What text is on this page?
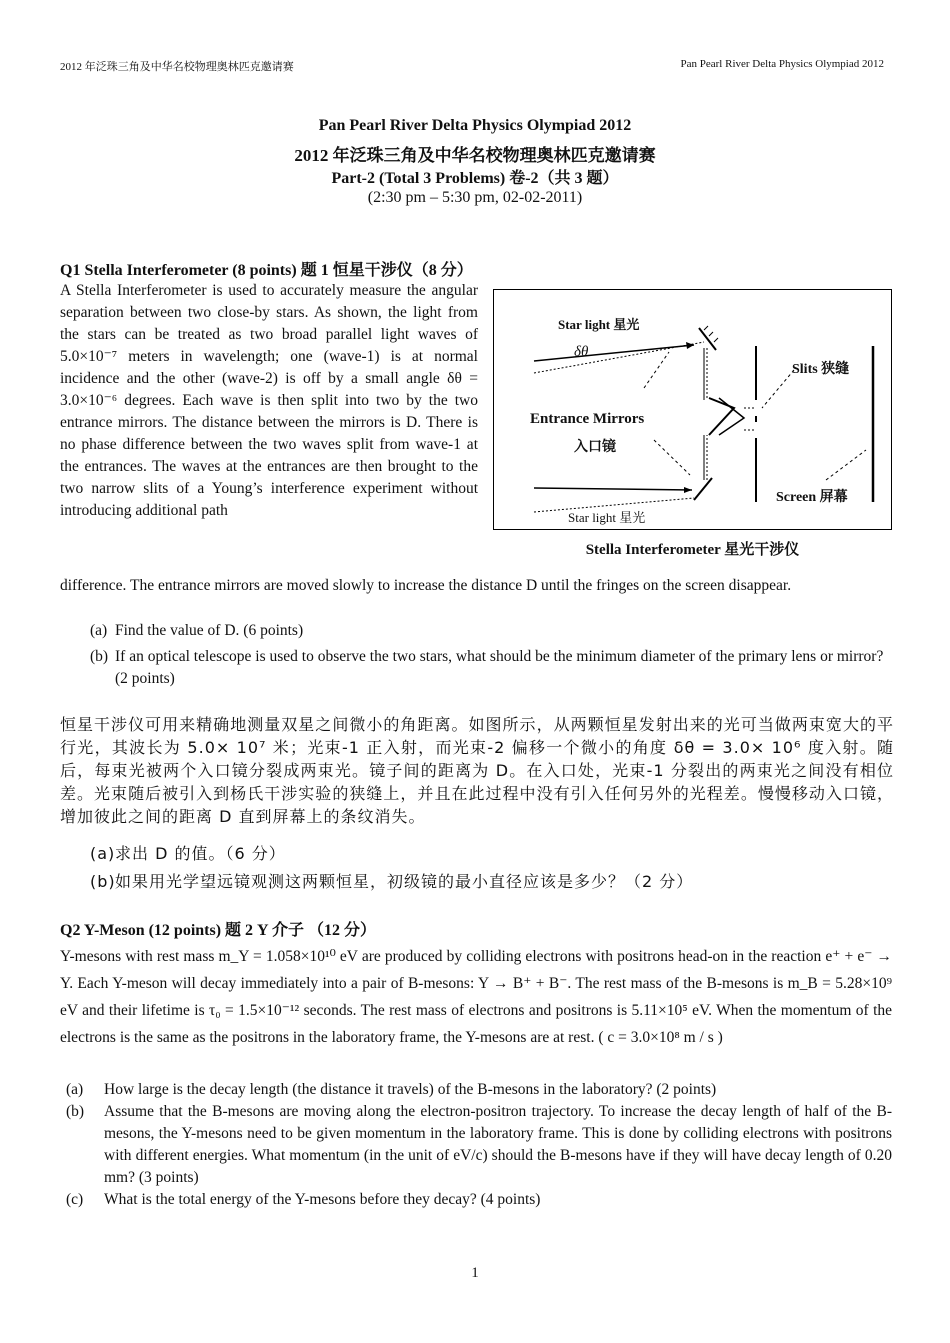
2012 年泛珠三角及中华名校物理奥林匹克邀请赛	Pan Pearl River Delta Physics Olympiad 2012
Pan Pearl River Delta Physics Olympiad 2012
2012 年泛珠三角及中华名校物理奥林匹克邀请赛
Part-2 (Total 3 Problems) 卷-2（共 3 题）
(2:30 pm – 5:30 pm, 02-02-2011)
Q1 Stella Interferometer (8 points) 题 1 恒星干涉仪（8 分）
A Stella Interferometer is used to accurately measure the angular separation between two close-by stars. As shown, the light from the stars can be treated as two broad parallel light waves of 5.0×10⁻⁷ meters in wavelength; one (wave-1) is at normal incidence and the other (wave-2) is off by a small angle δθ = 3.0×10⁻⁶ degrees. Each wave is then split into two by the two entrance mirrors. The distance between the mirrors is D. There is no phase difference between the two waves split from wave-1 at the entrances. The waves at the entrances are then brought to the two narrow slits of a Young’s interference experiment without introducing additional path
difference. The entrance mirrors are moved slowly to increase the distance D until the fringes on the screen disappear.
(a) Find the value of D. (6 points)
(b) If an optical telescope is used to observe the two stars, what should be the minimum diameter of the primary lens or mirror? (2 points)
恒星干涉仪可用来精确地测量双星之间微小的角距离。如图所示，从两颗恒星发射出来的光可当做两束宽大的平行光，其波长为 5.0× 10⁷ 米；光束-1 正入射，而光束-2 偏移一个微小的角度 δθ = 3.0× 10⁶ 度入射。随后，每束光被两个入口镜分裂成两束光。镜子间的距离为 D。在入口处，光束-1 分裂出的两束光之间没有相位差。光束随后被引入到杨氏干涉实验的狭缝上，并且在此过程中没有引入任何另外的光程差。慢慢移动入口镜，增加彼此之间的距离 D 直到屏幕上的条纹消失。
(a) 求出 D 的值。（6 分）
(b) 如果用光学望远镜观测这两颗恒星，初级镜的最小直径应该是多少？（2 分）
Star light 星光
δθ
Slits 狭缝
Entrance Mirrors
入口镜
Screen 屏幕
Star light 星光
Stella Interferometer 星光干涉仪
Q2 Y-Meson (12 points) 题 2 Y 介子 （12 分）
Y-mesons with rest mass m_Y = 1.058×10¹⁰ eV are produced by colliding electrons with positrons head-on in the reaction e⁺ + e⁻ → Y. Each Y-meson will decay immediately into a pair of B-mesons: Y → B⁺ + B⁻. The rest mass of the B-mesons is m_B = 5.28×10⁹ eV and their lifetime is τ₀ = 1.5×10⁻¹² seconds. The rest mass of electrons and positrons is 5.11×10⁵ eV. When the momentum of the electrons is the same as the positrons in the laboratory frame, the Y-mesons are at rest. ( c = 3.0×10⁸ m / s )
(a) How large is the decay length (the distance it travels) of the B-mesons in the laboratory? (2 points)
(b) Assume that the B-mesons are moving along the electron-positron trajectory. To increase the decay length of half of the B-mesons, the Y-mesons need to be given momentum in the laboratory frame. This is done by colliding electrons with positrons with different energies. What momentum (in the unit of eV/c) should the B-mesons have if they will have decay length of 0.20 mm? (3 points)
(c) What is the total energy of the Y-mesons before they decay? (4 points)
1
